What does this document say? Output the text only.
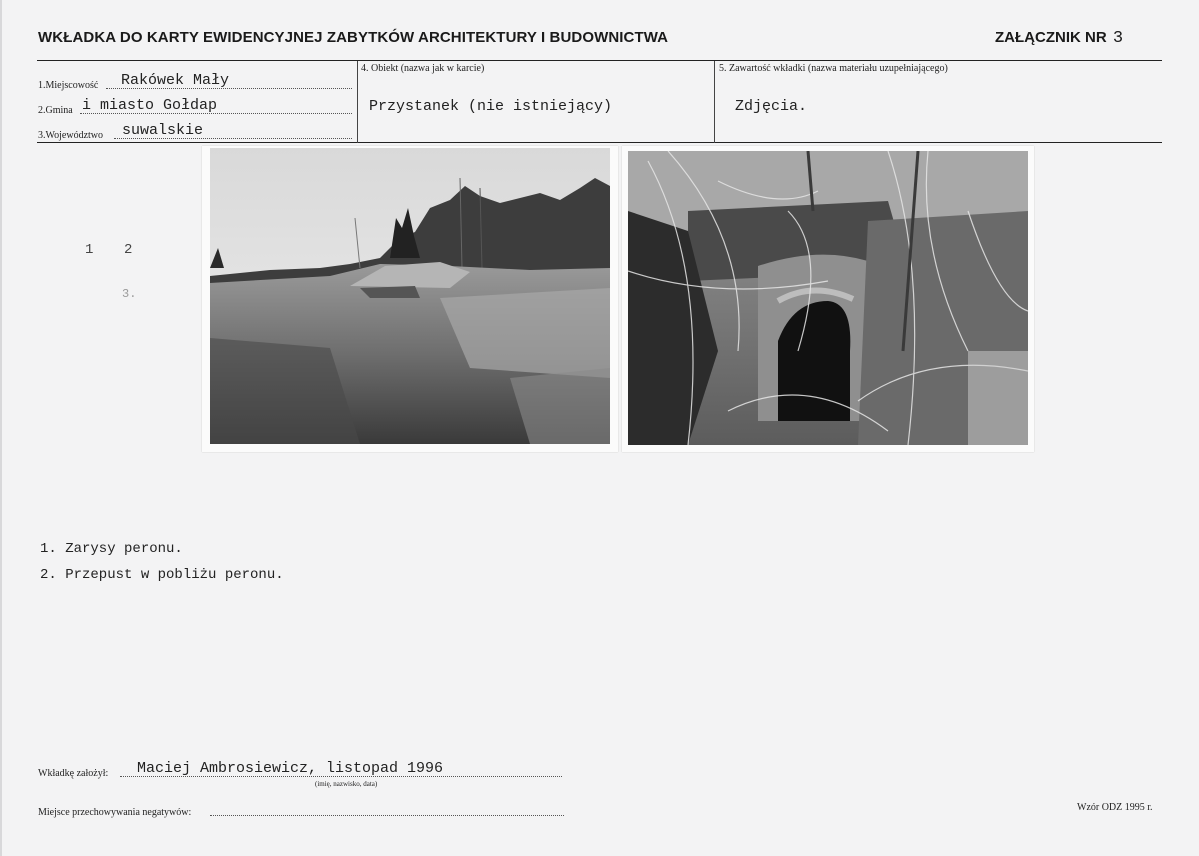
WKŁADKA DO KARTY EWIDENCYJNEJ ZABYTKÓW ARCHITEKTURY I BUDOWNICTWA	ZAŁĄCZNIK NR 3
1.Miejscowość Rakówek Mały
2.Gmina i miasto Gołdap
3.Województwo suwalskie
4. Obiekt (nazwa jak w karcie)
Przystanek (nie istniejący)
5. Zawartość wkładki (nazwa materiału uzupełniającego)
Zdjęcia.
1 2
3.
1. Zarysy peronu.
2. Przepust w pobliżu peronu.
Wkładkę założył: Maciej Ambrosiewicz, listopad 1996
(imię, nazwisko, data)
Miejsce przechowywania negatywów:	Wzór ODZ 1995 r.
